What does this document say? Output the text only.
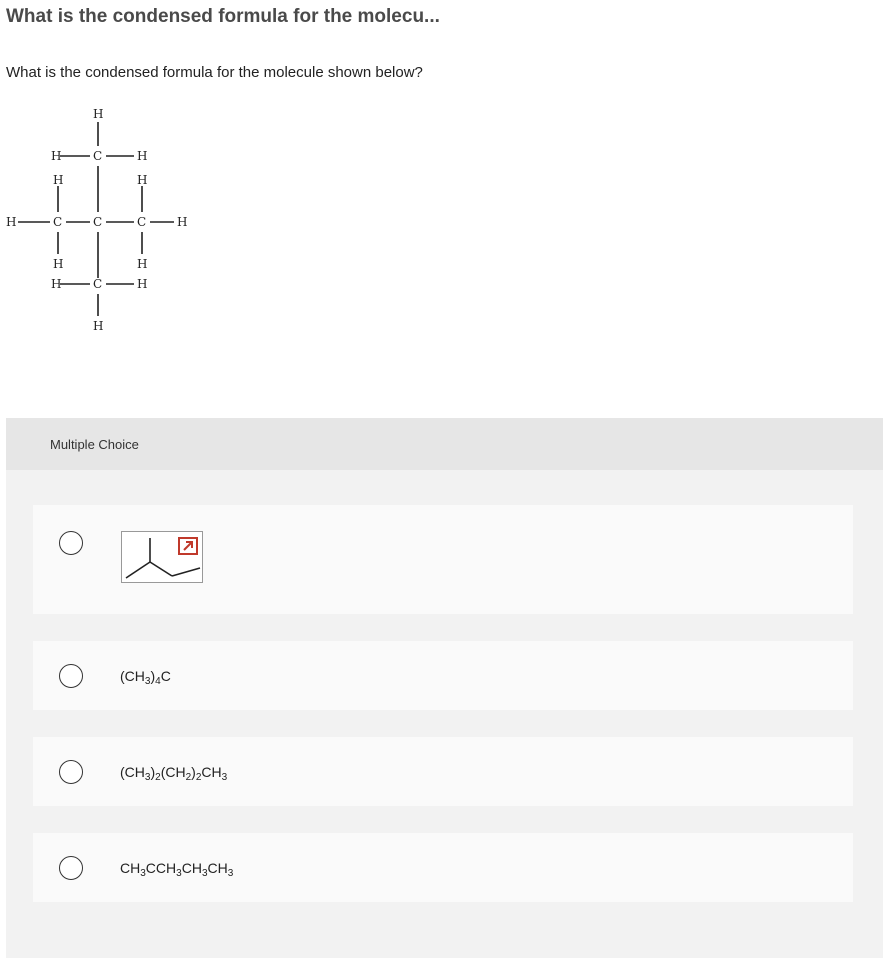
What is the condensed formula for the molecu...
What is the condensed formula for the molecule shown below?
H
H	C	H
H	H
H	C	C	C	H
H	H
H	C	H
H
Multiple Choice
$(CH_3)_4C$
$(CH_3)_2(CH_2)_2CH_3$
$CH_3CCH_3CH_3CH_3$
